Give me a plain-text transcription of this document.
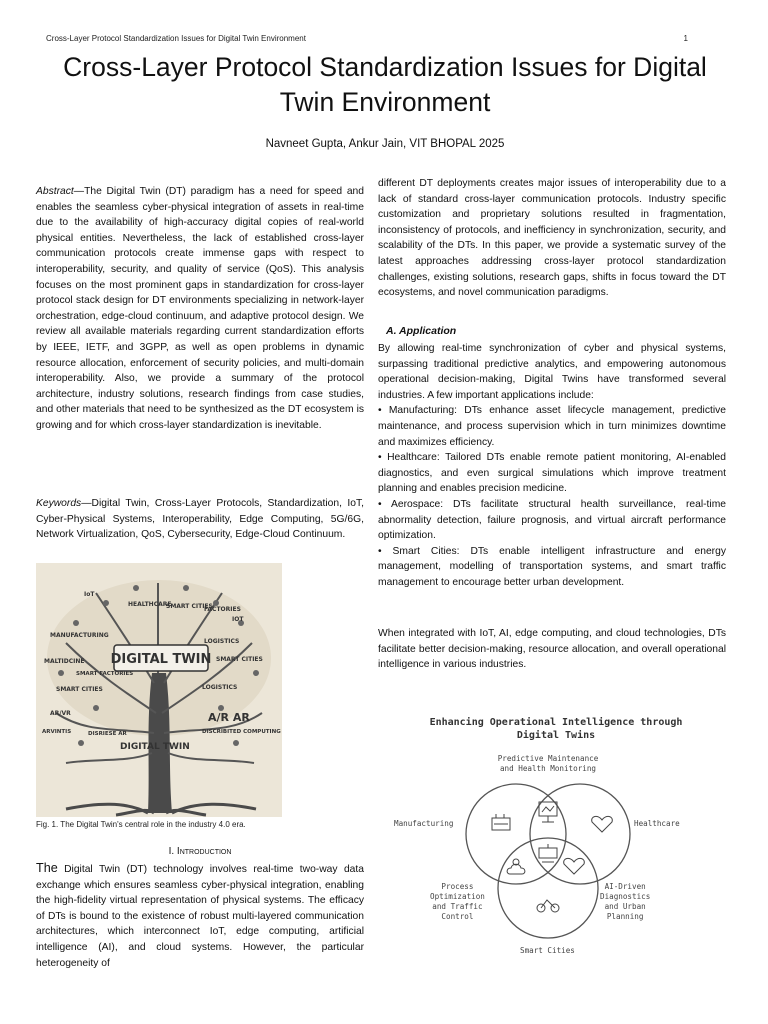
Cross-Layer Protocol Standardization Issues for Digital Twin Environment	1
Cross-Layer Protocol Standardization Issues for Digital
Twin Environment
Navneet Gupta, Ankur Jain, VIT BHOPAL 2025

Abstract—The Digital Twin (DT) paradigm has a need for speed and enables the seamless cyber-physical integration of assets in real-time due to the availability of high-accuracy digital copies of real-world physical entities. Nevertheless, the lack of established cross-layer communication protocols create immense gaps with respect to interoperability, security, and quality of service (QoS). This analysis focuses on the most prominent gaps in standardization for cross-layer protocol stack design for DT environments specializing in network-layer orchestration, edge-cloud continuum, and adaptive protocol design. We review all available materials regarding current standardization efforts by IEEE, IETF, and 3GPP, as well as open problems in dynamic resource allocation, enforcement of security policies, and multi-domain interoperability. Also, we provide a summary of the protocol architecture, industry solutions, research findings from case studies, and other materials that need to be synthesized as the DT ecosystem is growing and for which cross-layer standardization is inevitable.

Keywords—Digital Twin, Cross-Layer Protocols, Standardization, IoT, Cyber-Physical Systems, Interoperability, Edge Computing, 5G/6G, Network Virtualization, QoS, Cybersecurity, Edge-Cloud Continuum.

DIGITAL TWIN
IoT
HEALTHCARE
SMART CITIES
FACTORIES
IOT
MANUFACTURING
LOGISTICS
MALTIDCINE
SMART FACTORIES
SMART CITIES
SMART CITIES	LOGISTICS
AR/VR	A/R AR
ARVINTIS	DISRIESE AR	DISCRIBITED COMPUTING
DIGITAL TWIN
Fig. 1. The Digital Twin's central role in the industry 4.0 era.
I. Introduction

The Digital Twin (DT) technology involves real-time two-way data exchange which ensures seamless cyber-physical integration, enabling the high-fidelity virtual representation of physical systems. The efficacy of DTs is bound to the existence of robust multi-layered communication architectures, which interconnect IoT, edge computing, artificial intelligence (AI), and cloud systems. However, the particular heterogeneity of

different DT deployments creates major issues of interoperability due to a lack of standard cross-layer communication protocols. Industry specific customization and proprietary solutions resulted in fragmentation, inconsistency of protocols, and inefficiency in synchronization, security, and scalability of the DTs. In this paper, we provide a systematic survey of the latest approaches addressing cross-layer protocol standardization challenges, existing solutions, research gaps, shifts in focus toward the DT ecosystems, and novel communication paradigms.

A. Application

By allowing real-time synchronization of cyber and physical systems, surpassing traditional predictive analytics, and empowering autonomous operational decision-making, Digital Twins have transformed several industries. A few important applications include:

• Manufacturing: DTs enhance asset lifecycle management, predictive maintenance, and process supervision which in turn minimizes downtime and maximizes efficiency.

• Healthcare: Tailored DTs enable remote patient monitoring, AI-enabled diagnostics, and even surgical simulations which improve treatment planning and enables precision medicine.

• Aerospace: DTs facilitate structural health surveillance, real-time abnormality detection, failure prognosis, and virtual aircraft performance optimization.

• Smart Cities: DTs enable intelligent infrastructure and energy management, modelling of transportation systems, and smart traffic management to encourage better urban development.

When integrated with IoT, AI, edge computing, and cloud technologies, DTs facilitate better decision-making, resource allocation, and overall operational intelligence in various industries.

Enhancing Operational Intelligence through
Digital Twins
Predictive Maintenance
and Health Monitoring
Manufacturing	Healthcare
Process
Optimization
and Traffic
Control
AI-Driven
Diagnostics
and Urban
Planning
Smart Cities
